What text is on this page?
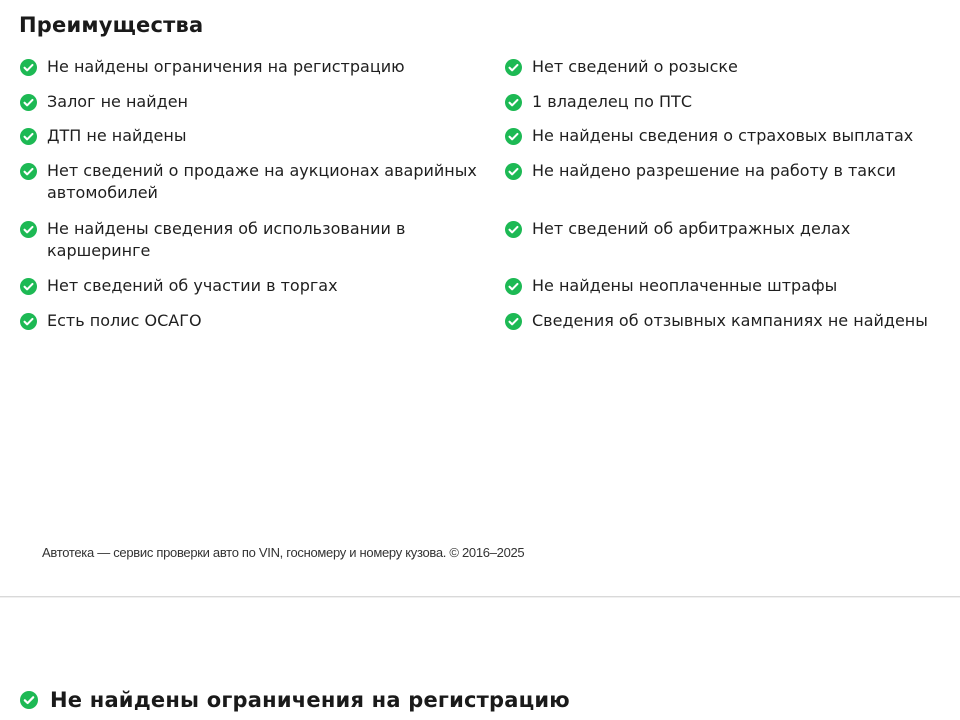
Преимущества
Не найдены ограничения на регистрацию
Залог не найден
ДТП не найдены
Нет сведений о продаже на аукционах аварийных автомобилей
Не найдены сведения об использовании в каршеринге
Нет сведений об участии в торгах
Есть полис ОСАГО
Нет сведений о розыске
1 владелец по ПТС
Не найдены сведения о страховых выплатах
Не найдено разрешение на работу в такси
Нет сведений об арбитражных делах
Не найдены неоплаченные штрафы
Сведения об отзывных кампаниях не найдены
Автотека — сервис проверки авто по VIN, госномеру и номеру кузова. © 2016–2025
Не найдены ограничения на регистрацию
